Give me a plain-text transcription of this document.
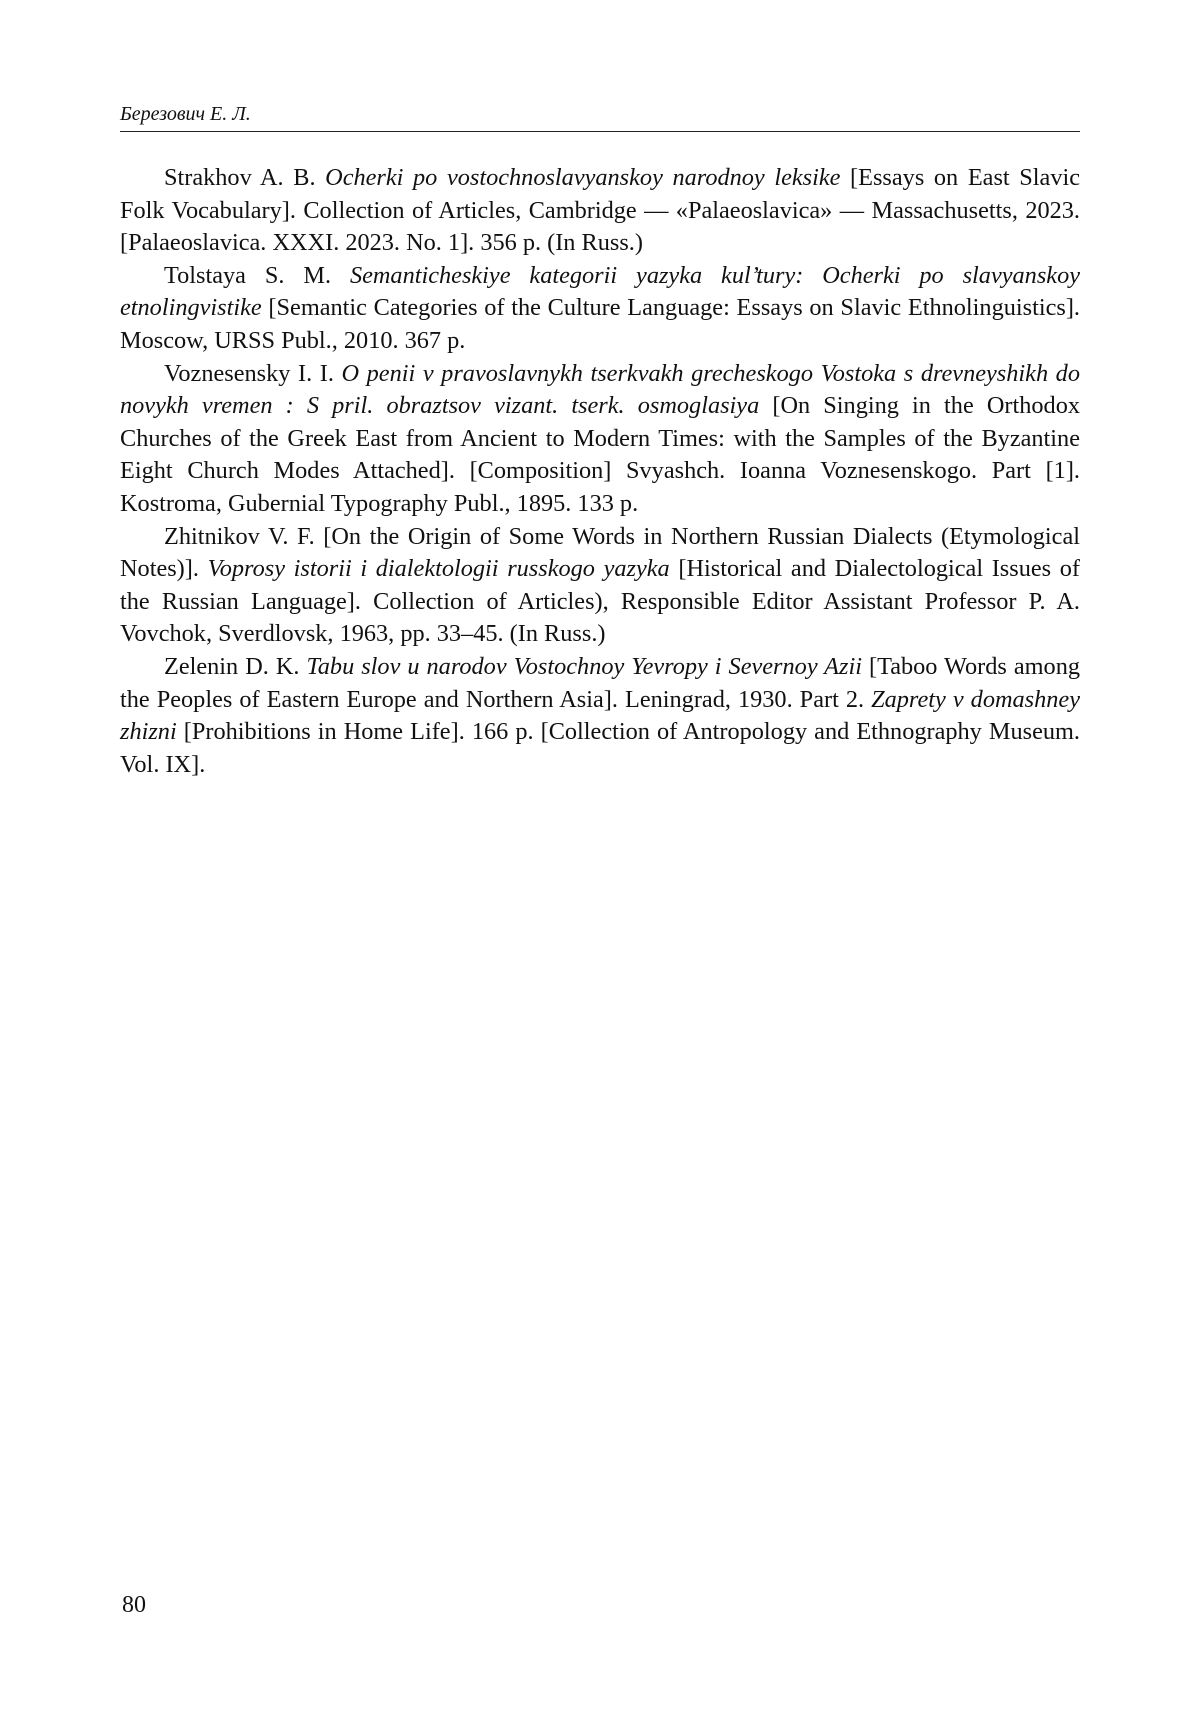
Березович Е. Л.

Strakhov A. B. Ocherki po vostochnoslavyanskoy narodnoy leksike [Essays on East Slavic Folk Vocabulary]. Collection of Articles, Cambridge — «Palaeoslavica» — Massachusetts, 2023. [Palaeoslavica. XXXI. 2023. No. 1]. 356 p. (In Russ.)

Tolstaya S. M. Semanticheskiye kategorii yazyka kul’tury: Ocherki po slavyanskoy etnolingvistike [Semantic Categories of the Culture Language: Essays on Slavic Ethnolinguistics]. Moscow, URSS Publ., 2010. 367 p.

Voznesensky I. I. O penii v pravoslavnykh tserkvakh grecheskogo Vostoka s drevneyshikh do novykh vremen : S pril. obraztsov vizant. tserk. osmoglasiya [On Singing in the Orthodox Churches of the Greek East from Ancient to Modern Times: with the Samples of the Byzantine Eight Church Modes Attached]. [Composition] Svyashch. Ioanna Voznesenskogo. Part [1]. Kostroma, Gubernial Typography Publ., 1895. 133 p.

Zhitnikov V. F. [On the Origin of Some Words in Northern Russian Dialects (Etymological Notes)]. Voprosy istorii i dialektologii russkogo yazyka [Historical and Dialectological Issues of the Russian Language]. Collection of Articles), Responsible Editor Assistant Professor P. A. Vovchok, Sverdlovsk, 1963, pp. 33–45. (In Russ.)

Zelenin D. K. Tabu slov u narodov Vostochnoy Yevropy i Severnoy Azii [Taboo Words among the Peoples of Eastern Europe and Northern Asia]. Leningrad, 1930. Part 2. Zaprety v domashney zhizni [Prohibitions in Home Life]. 166 p. [Collection of Antropology and Ethnography Museum. Vol. IX].

80
